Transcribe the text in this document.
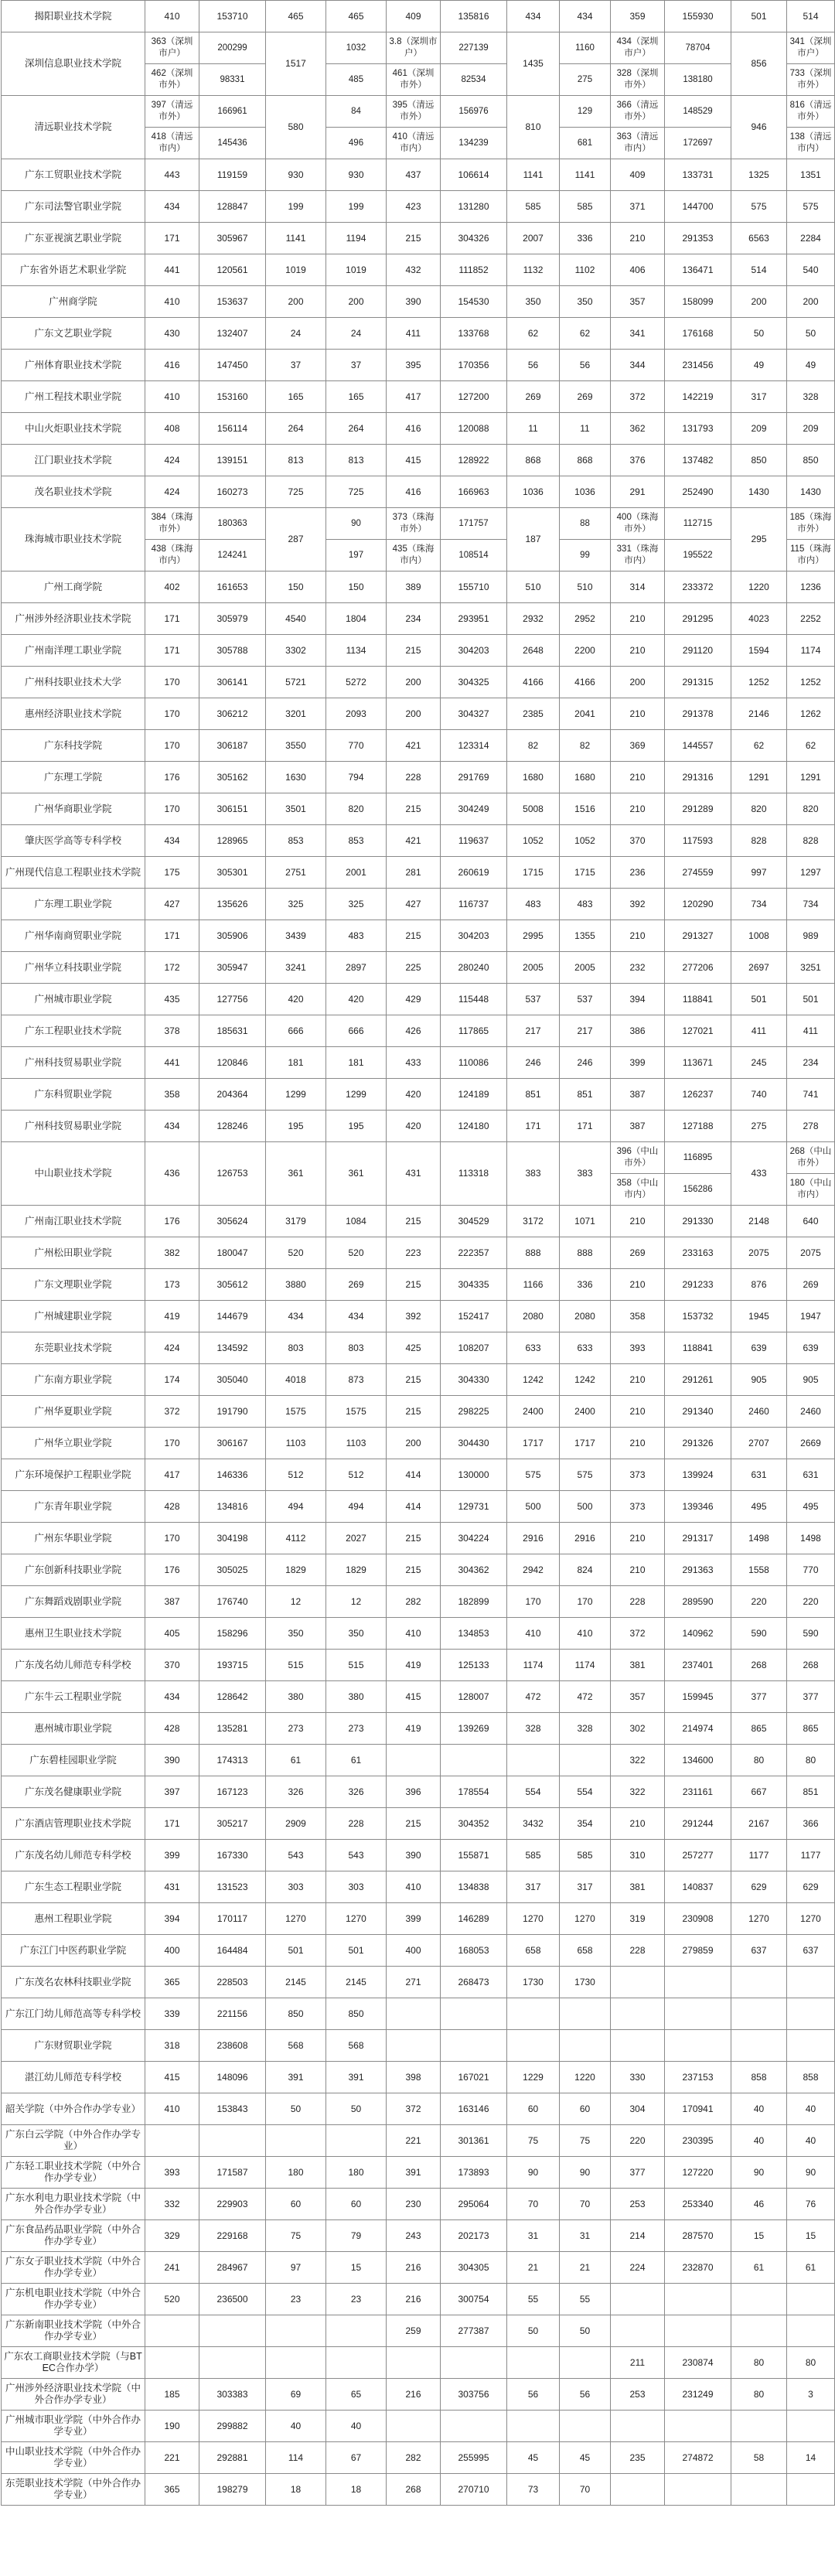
揭阳职业技术学院	410	153710	465	465	409	135816	434	434	359	155930	501	514
深圳信息职业技术学院	363（深圳市户）	200299	1517	1032	3.8（深圳市户）	227139	1435	1160	434（深圳市户）	78704	856	341（深圳市户）
	462（深圳市外）	98331		485	461（深圳市外）	82534		275	328（深圳市外）	138180		733（深圳市外）
清远职业技术学院	397（清远市外）	166961	580	84	395（清远市外）	156976	810	129	366（清远市外）	148529	946	816（清远市外）
	418（清远市内）	145436		496	410（清远市内）	134239		681	363（清远市内）	172697		138（清远市内）
广东工贸职业技术学院	443	119159	930	930	437	106614	1141	1141	409	133731	1325	1351
广东司法警官职业学院	434	128847	199	199	423	131280	585	585	371	144700	575	575
广东亚视演艺职业学院	171	305967	1141	1194	215	304326	2007	336	210	291353	6563	2284
广东省外语艺术职业学院	441	120561	1019	1019	432	111852	1132	1102	406	136471	514	540
广州商学院	410	153637	200	200	390	154530	350	350	357	158099	200	200
广东文艺职业学院	430	132407	24	24	411	133768	62	62	341	176168	50	50
广州体育职业技术学院	416	147450	37	37	395	170356	56	56	344	231456	49	49
广州工程技术职业学院	410	153160	165	165	417	127200	269	269	372	142219	317	328
中山火炬职业技术学院	408	156114	264	264	416	120088	11	11	362	131793	209	209
江门职业技术学院	424	139151	813	813	415	128922	868	868	376	137482	850	850
茂名职业技术学院	424	160273	725	725	416	166963	1036	1036	291	252490	1430	1430
珠海城市职业技术学院	384（珠海市外）	180363	287	90	373（珠海市外）	171757	187	88	400（珠海市外）	112715	295	185（珠海市外）
	438（珠海市内）	124241		197	435（珠海市内）	108514		99	331（珠海市内）	195522		115（珠海市内）
广州工商学院	402	161653	150	150	389	155710	510	510	314	233372	1220	1236
广州涉外经济职业技术学院	171	305979	4540	1804	234	293951	2932	2952	210	291295	4023	2252
广州南洋理工职业学院	171	305788	3302	1134	215	304203	2648	2200	210	291120	1594	1174
广州科技职业技术大学	170	306141	5721	5272	200	304325	4166	4166	200	291315	1252	1252
惠州经济职业技术学院	170	306212	3201	2093	200	304327	2385	2041	210	291378	2146	1262
广东科技学院	170	306187	3550	770	421	123314	82	82	369	144557	62	62
广东理工学院	176	305162	1630	794	228	291769	1680	1680	210	291316	1291	1291
广州华商职业学院	170	306151	3501	820	215	304249	5008	1516	210	291289	820	820
肇庆医学高等专科学校	434	128965	853	853	421	119637	1052	1052	370	117593	828	828
广州现代信息工程职业技术学院	175	305301	2751	2001	281	260619	1715	1715	236	274559	997	1297
广东理工职业学院	427	135626	325	325	427	116737	483	483	392	120290	734	734
广州华南商贸职业学院	171	305906	3439	483	215	304203	2995	1355	210	291327	1008	989
广州华立科技职业学院	172	305947	3241	2897	225	280240	2005	2005	232	277206	2697	3251
广州城市职业学院	435	127756	420	420	429	115448	537	537	394	118841	501	501
广东工程职业技术学院	378	185631	666	666	426	117865	217	217	386	127021	411	411
广州科技贸易职业学院	441	120846	181	181	433	110086	246	246	399	113671	245	234
广东科贸职业学院	358	204364	1299	1299	420	124189	851	851	387	126237	740	741
广州科技贸易职业学院	434	128246	195	195	420	124180	171	171	387	127188	275	278
中山职业技术学院	436	126753	361	361	431	113318	383	383	396（中山市外）	116895	433	268（中山市外）
									358（中山市内）	156286		180（中山市内）
广州南江职业技术学院	176	305624	3179	1084	215	304529	3172	1071	210	291330	2148	640
广州松田职业学院	382	180047	520	520	223	222357	888	888	269	233163	2075	2075
广东文理职业学院	173	305612	3880	269	215	304335	1166	336	210	291233	876	269
广州城建职业学院	419	144679	434	434	392	152417	2080	2080	358	153732	1945	1947
东莞职业技术学院	424	134592	803	803	425	108207	633	633	393	118841	639	639
广东南方职业学院	174	305040	4018	873	215	304330	1242	1242	210	291261	905	905
广州华夏职业学院	372	191790	1575	1575	215	298225	2400	2400	210	291340	2460	2460
广州华立职业学院	170	306167	1103	1103	200	304430	1717	1717	210	291326	2707	2669
广东环境保护工程职业学院	417	146336	512	512	414	130000	575	575	373	139924	631	631
广东青年职业学院	428	134816	494	494	414	129731	500	500	373	139346	495	495
广州东华职业学院	170	304198	4112	2027	215	304224	2916	2916	210	291317	1498	1498
广东创新科技职业学院	176	305025	1829	1829	215	304362	2942	824	210	291363	1558	770
广东舞蹈戏剧职业学院	387	176740	12	12	282	182899	170	170	228	289590	220	220
惠州卫生职业技术学院	405	158296	350	350	410	134853	410	410	372	140962	590	590
广东茂名幼儿师范专科学校	370	193715	515	515	419	125133	1174	1174	381	237401	268	268
广东牛云工程职业学院	434	128642	380	380	415	128007	472	472	357	159945	377	377
惠州城市职业学院	428	135281	273	273	419	139269	328	328	302	214974	865	865
广东碧桂园职业学院	390	174313	61	61					322	134600	80	80
广东茂名健康职业学院	397	167123	326	326	396	178554	554	554	322	231161	667	851
广东酒店管理职业技术学院	171	305217	2909	228	215	304352	3432	354	210	291244	2167	366
广东茂名幼儿师范专科学校	399	167330	543	543	390	155871	585	585	310	257277	1177	1177
广东生态工程职业学院	431	131523	303	303	410	134838	317	317	381	140837	629	629
惠州工程职业学院	394	170117	1270	1270	399	146289	1270	1270	319	230908	1270	1270
广东江门中医药职业学院	400	164484	501	501	400	168053	658	658	228	279859	637	637
广东茂名农林科技职业学院	365	228503	2145	2145	271	268473	1730	1730				
广东江门幼儿师范高等专科学校	339	221156	850	850								
广东财贸职业学院	318	238608	568	568								
湛江幼儿师范专科学校	415	148096	391	391	398	167021	1229	1220	330	237153	858	858
韶关学院（中外合作办学专业）	410	153843	50	50	372	163146	60	60	304	170941	40	40
广东白云学院（中外合作办学专业）					221	301361	75	75	220	230395	40	40
广东轻工职业技术学院（中外合作办学专业）	393	171587	180	180	391	173893	90	90	377	127220	90	90
广东水利电力职业技术学院（中外合作办学专业）	332	229903	60	60	230	295064	70	70	253	253340	46	76
广东食品药品职业学院（中外合作办学专业）	329	229168	75	79	243	202173	31	31	214	287570	15	15
广东女子职业技术学院（中外合作办学专业）	241	284967	97	15	216	304305	21	21	224	232870	61	61
广东机电职业技术学院（中外合作办学专业）	520	236500	23	23	216	300754	55	55				
广东新南职业技术学院（中外合作办学专业）					259	277387	50	50				
广东农工商职业技术学院（与BTEC合作办学）									211	230874	80	80
广州涉外经济职业技术学院（中外合作办学专业）	185	303383	69	65	216	303756	56	56	253	231249	80	3
广州城市职业学院（中外合作办学专业）	190	299882	40	40								
中山职业技术学院（中外合作办学专业）	221	292881	114	67	282	255995	45	45	235	274872	58	14
东莞职业技术学院（中外合作办学专业）	365	198279	18	18	268	270710	73	70				
